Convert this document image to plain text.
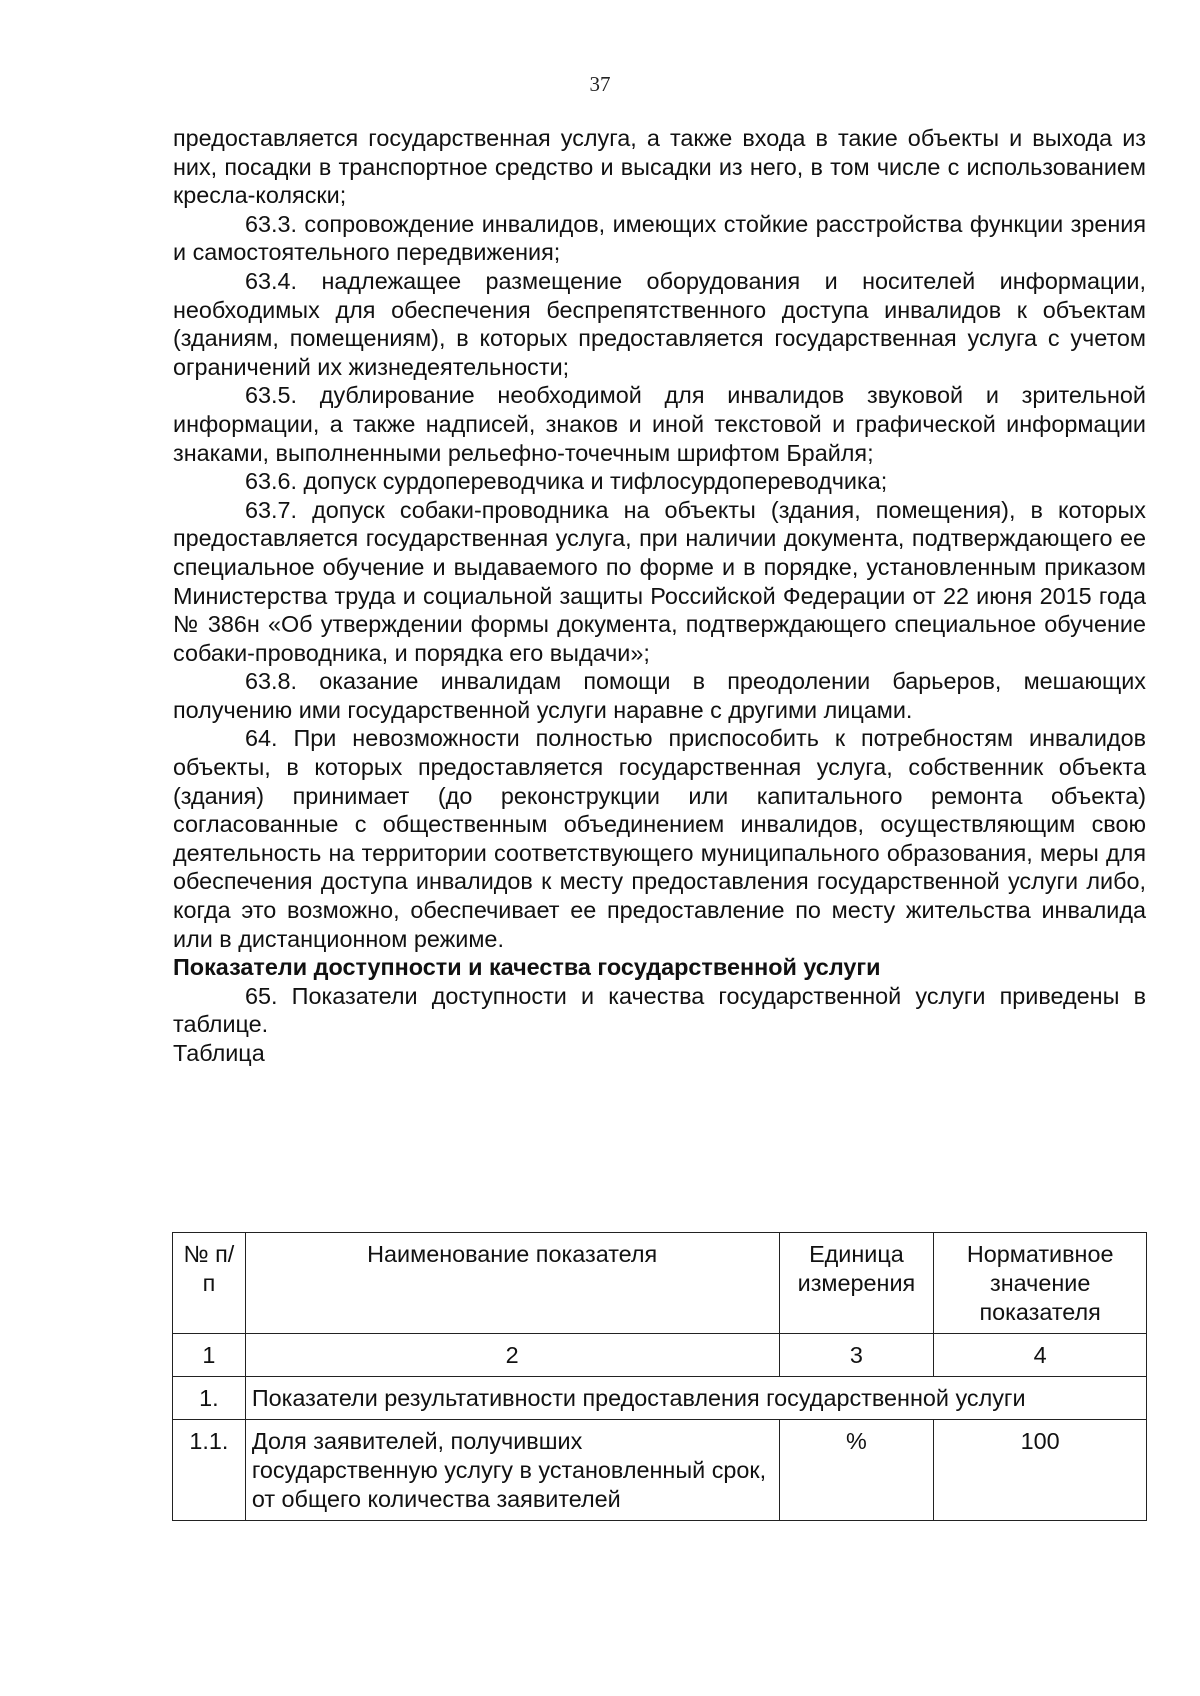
37

предоставляется государственная услуга, а также входа в такие объекты и выхода из них, посадки в транспортное средство и высадки из него, в том числе с использованием кресла-коляски;

63.3. сопровождение инвалидов, имеющих стойкие расстройства функции зрения и самостоятельного передвижения;

63.4. надлежащее размещение оборудования и носителей информации, необходимых для обеспечения беспрепятственного доступа инвалидов к объектам (зданиям, помещениям), в которых предоставляется государственная услуга с учетом ограничений их жизнедеятельности;

63.5. дублирование необходимой для инвалидов звуковой и зрительной информации, а также надписей, знаков и иной текстовой и графической информации знаками, выполненными рельефно-точечным шрифтом Брайля;

63.6. допуск сурдопереводчика и тифлосурдопереводчика;

63.7. допуск собаки-проводника на объекты (здания, помещения), в которых предоставляется государственная услуга, при наличии документа, подтверждающего ее специальное обучение и выдаваемого по форме и в порядке, установленным приказом Министерства труда и социальной защиты Российской Федерации от 22 июня 2015 года № 386н «Об утверждении формы документа, подтверждающего специальное обучение собаки-проводника, и порядка его выдачи»;

63.8. оказание инвалидам помощи в преодолении барьеров, мешающих получению ими государственной услуги наравне с другими лицами.

64. При невозможности полностью приспособить к потребностям инвалидов объекты, в которых предоставляется государственная услуга, собственник объекта (здания) принимает (до реконструкции или капитального ремонта объекта) согласованные с общественным объединением инвалидов, осуществляющим свою деятельность на территории соответствующего муниципального образования, меры для обеспечения доступа инвалидов к месту предоставления государственной услуги либо, когда это возможно, обеспечивает ее предоставление по месту жительства инвалида или в дистанционном режиме.

Показатели доступности и качества государственной услуги

65. Показатели доступности и качества государственной услуги приведены в таблице.

Таблица

№ п/п	Наименование показателя	Единица измерения	Нормативное значение показателя
1	2	3	4
1.	Показатели результативности предоставления государственной услуги		
1.1.	Доля заявителей, получивших государственную услугу в установленный срок, от общего количества заявителей	%	100
